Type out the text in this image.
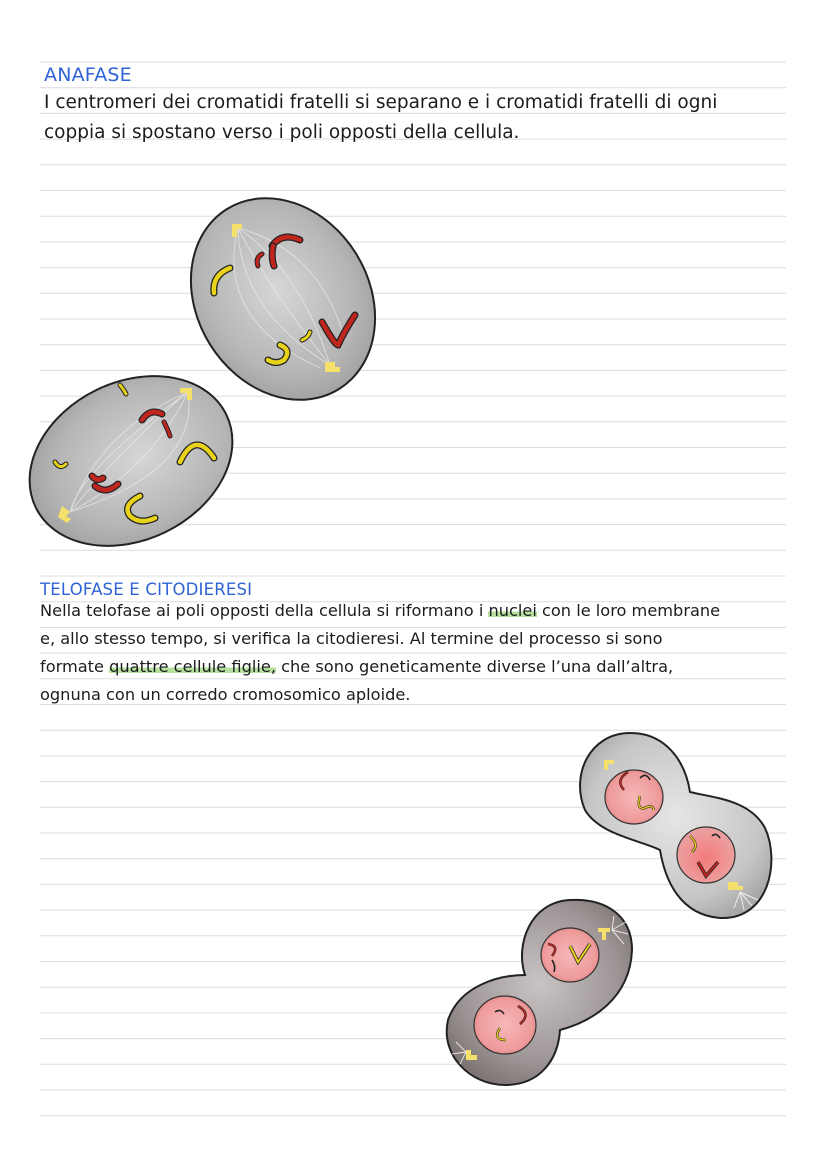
ANAFASE
I centromeri dei cromatidi fratelli si separano e i cromatidi fratelli di ogni
coppia si spostano verso i poli opposti della cellula.
TELOFASE E CITODIERESI
Nella telofase ai poli opposti della cellula si riformano i nuclei con le loro membrane
e, allo stesso tempo, si verifica la citodieresi. Al termine del processo si sono
formate quattre cellule figlie, che sono geneticamente diverse l’una dall’altra,
ognuna con un corredo cromosomico aploide.
